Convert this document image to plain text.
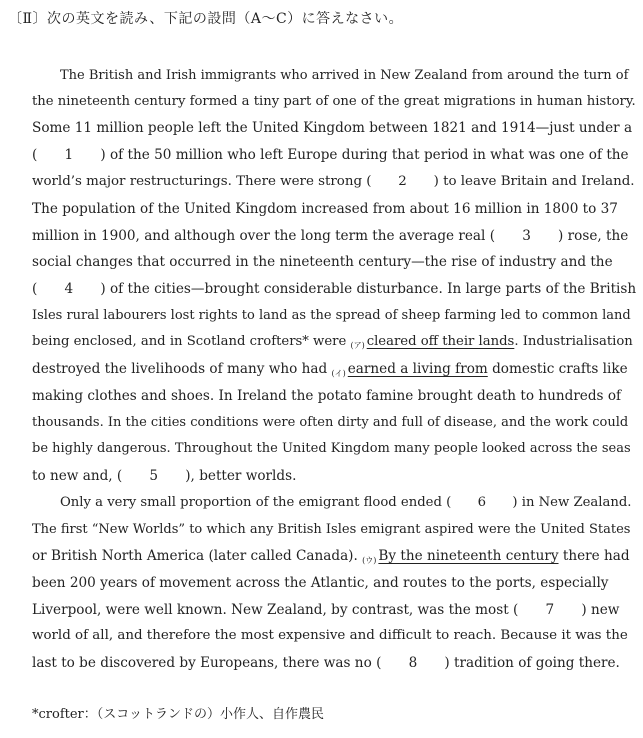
〔Ⅱ〕次の英文を読み、下記の設問（A～C）に答えなさい。
The British and Irish immigrants who arrived in New Zealand from around the turn of
the nineteenth century formed a tiny part of one of the great migrations in human history.
Some 11 million people left the United Kingdom between 1821 and 1914—just under a
(　　1　　) of the 50 million who left Europe during that period in what was one of the
world’s major restructurings. There were strong (　　2　　) to leave Britain and Ireland.
The population of the United Kingdom increased from about 16 million in 1800 to 37
million in 1900, and although over the long term the average real (　　3　　) rose, the
social changes that occurred in the nineteenth century—the rise of industry and the
(　　4　　) of the cities—brought considerable disturbance. In large parts of the British
Isles rural labourers lost rights to land as the spread of sheep farming led to common land
being enclosed, and in Scotland crofters* were $_{(ア)}$ cleared off their lands. Industrialisation
destroyed the livelihoods of many who had $_{(イ)}$ earned a living from domestic crafts like
making clothes and shoes. In Ireland the potato famine brought death to hundreds of
thousands. In the cities conditions were often dirty and full of disease, and the work could
be highly dangerous. Throughout the United Kingdom many people looked across the seas
to new and, (　　5　　), better worlds.
Only a very small proportion of the emigrant flood ended (　　6　　) in New Zealand.
The first “New Worlds” to which any British Isles emigrant aspired were the United States
or British North America (later called Canada). $_{(ウ)}$ By the nineteenth century there had
been 200 years of movement across the Atlantic, and routes to the ports, especially
Liverpool, were well known. New Zealand, by contrast, was the most (　　7　　) new
world of all, and therefore the most expensive and difficult to reach. Because it was the
last to be discovered by Europeans, there was no (　　8　　) tradition of going there.
*crofter：（スコットランドの）小作人、自作農民
